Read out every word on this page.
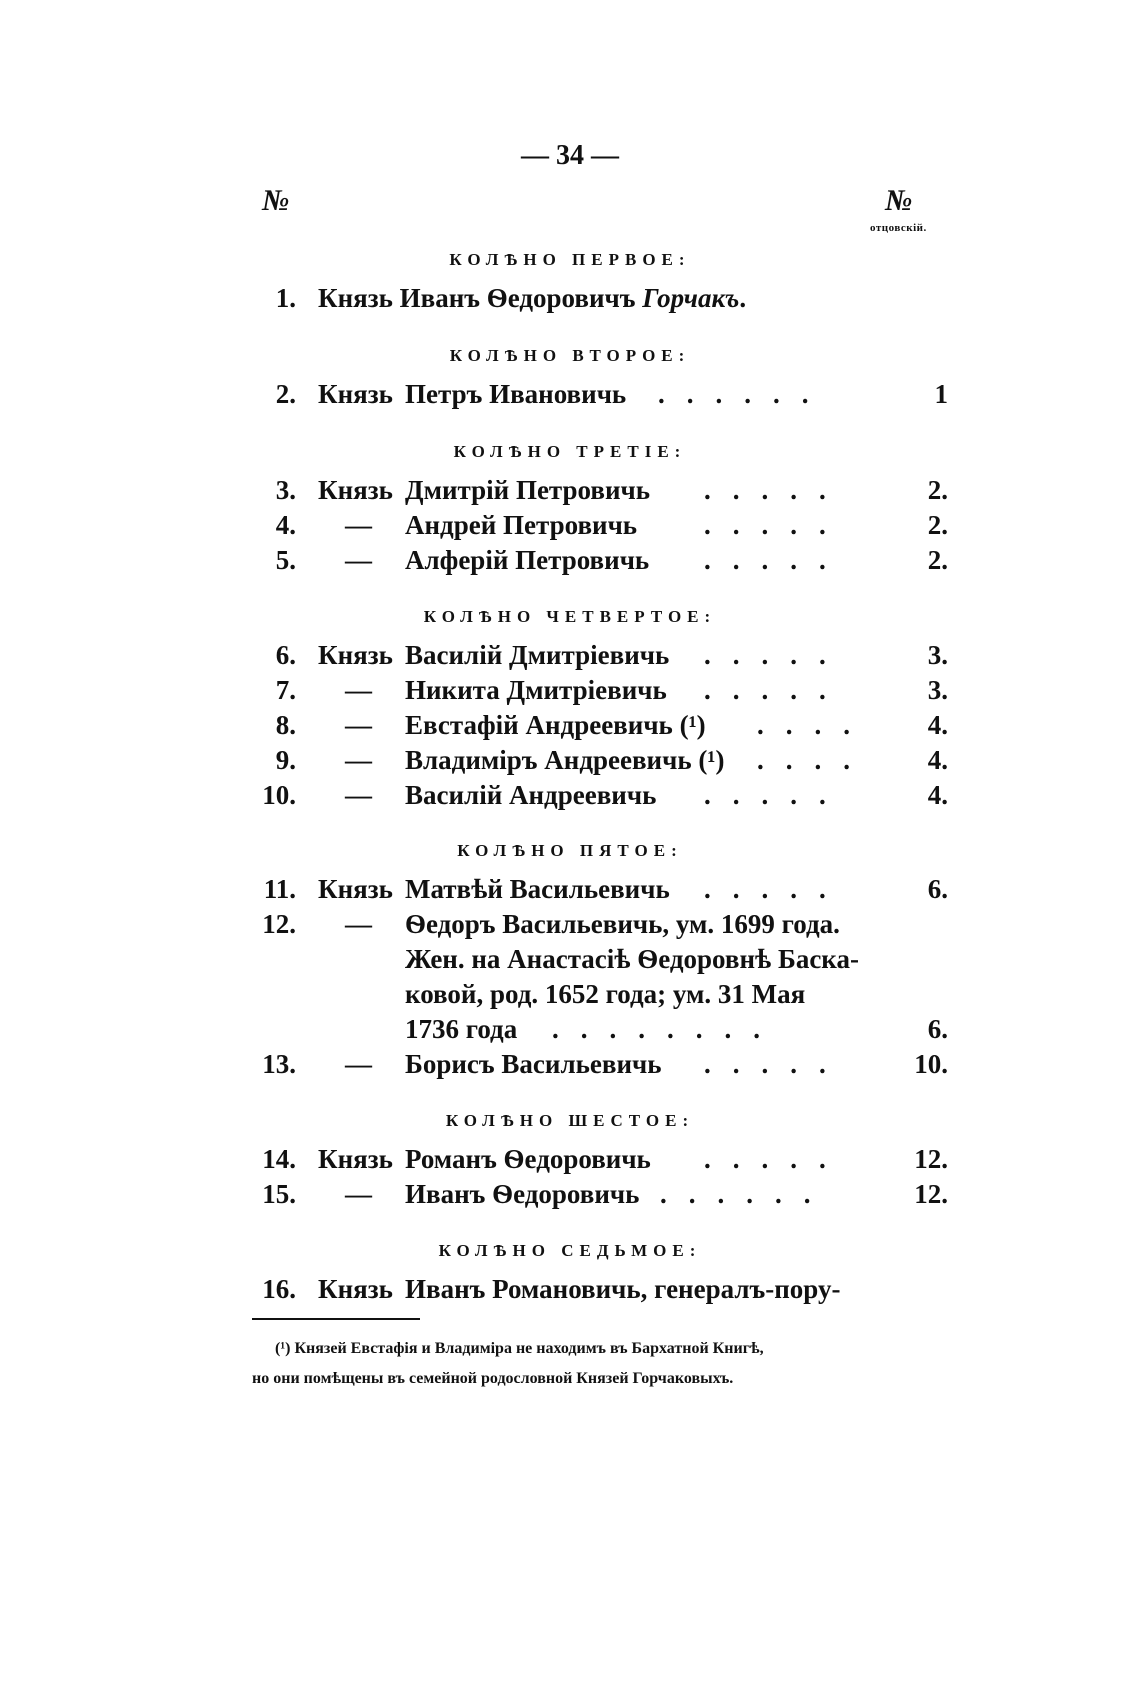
— 34 —
№	№
отцовскій.
КОЛѢНО ПЕРВОЕ:
1. Князь Иванъ Ѳедоровичъ Горчакъ.
КОЛѢНО ВТОРОЕ:
2. Князь Петръ Ивановичь ......	1
КОЛѢНО ТРЕТІЕ:
3. Князь Дмитрій Петровичь .....	2.
4. — Андрей Петровичь .....	2.
5. — Алферій Петровичь .....	2.
КОЛѢНО ЧЕТВЕРТОЕ:
6. Князь Василій Дмитріевичь .....	3.
7. — Никита Дмитріевичь .....	3.
8. — Евстафій Андреевичь (¹) ....	4.
9. — Владиміръ Андреевичь (¹) ....	4.
10. — Василій Андреевичь .....	4.
КОЛѢНО ПЯТОЕ:
11. Князь Матвѣй Васильевичь .....	6.
12. — Ѳедоръ Васильевичь, ум. 1699 года.
Жен. на Анастасіѣ Ѳедоровнѣ Баска-
ковой, род. 1652 года; ум. 31 Мая
1736 года ........	6.
13. — Борисъ Васильевичь .....	10.
КОЛѢНО ШЕСТОЕ:
14. Князь Романъ Ѳедоровичь .....	12.
15. — Иванъ Ѳедоровичь ......	12.
КОЛѢНО СЕДЬМОЕ:
16. Князь Иванъ Романовичь, генералъ-пору-
(¹) Князей Евстафія и Владиміра не находимъ въ Бархатной Книгѣ,
но они помѣщены въ семейной родословной Князей Горчаковыхъ.
